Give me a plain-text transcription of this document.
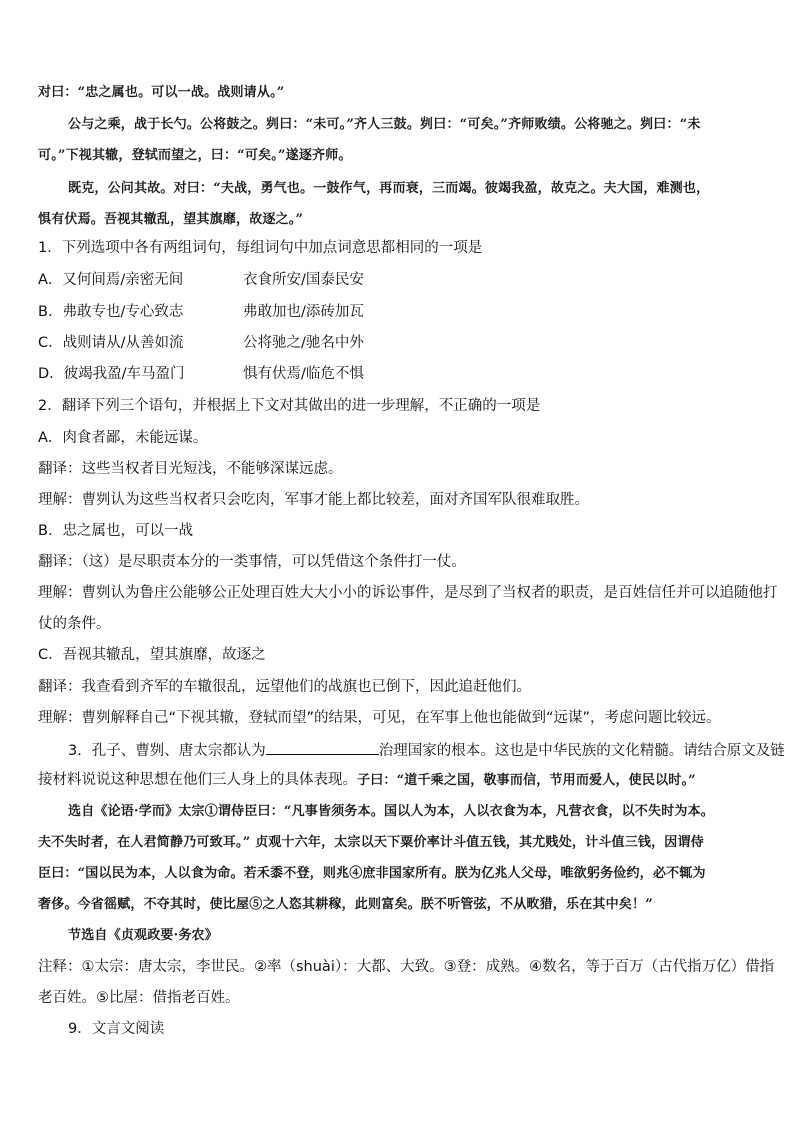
对曰：“忠之属也。可以一战。战则请从。”
公与之乘，战于长勺。公将鼓之。刿曰：“未可。”齐人三鼓。刿曰：“可矣。”齐师败绩。公将驰之。刿曰：“未
可。”下视其辙，登轼而望之，曰：“可矣。”遂逐齐师。
既克，公问其故。对曰：“夫战，勇气也。一鼓作气，再而衰，三而竭。彼竭我盈，故克之。夫大国，难测也，
惧有伏焉。吾视其辙乱，望其旗靡，故逐之。”
1．下列选项中各有两组词句，每组词句中加点词意思都相同的一项是
A．又何间焉/亲密无间	衣食所安/国泰民安
B．弗敢专也/专心致志	弗敢加也/添砖加瓦
C．战则请从/从善如流	公将驰之/驰名中外
D．彼竭我盈/车马盈门	惧有伏焉/临危不惧
2．翻译下列三个语句，并根据上下文对其做出的进一步理解，不正确的一项是
A．肉食者鄙，未能远谋。
翻译：这些当权者目光短浅，不能够深谋远虑。
理解：曹刿认为这些当权者只会吃肉，军事才能上都比较差，面对齐国军队很难取胜。
B．忠之属也，可以一战
翻译：（这）是尽职责本分的一类事情，可以凭借这个条件打一仗。
理解：曹刿认为鲁庄公能够公正处理百姓大大小小的诉讼事件，是尽到了当权者的职责，是百姓信任并可以追随他打
仗的条件。
C．吾视其辙乱，望其旗靡，故逐之
翻译：我查看到齐军的车辙很乱，远望他们的战旗也已倒下，因此追赶他们。
理解：曹刿解释自己“下视其辙，登轼而望”的结果，可见，在军事上他也能做到“远谋”，考虑问题比较远。
3．孔子、曹刿、唐太宗都认为	治理国家的根本。这也是中华民族的文化精髓。请结合原文及链
接材料说说这种思想在他们三人身上的具体表现。子曰：“道千乘之国，敬事而信，节用而爱人，使民以时。”
选自《论语·学而》太宗①谓侍臣曰：“凡事皆须务本。国以人为本，人以衣食为本，凡营衣食，以不失时为本。
夫不失时者，在人君简静乃可致耳。” 贞观十六年，太宗以天下粟价率计斗值五钱，其尤贱处，计斗值三钱，因谓侍
臣曰：“国以民为本，人以食为命。若禾黍不登，则兆④庶非国家所有。朕为亿兆人父母，唯欲躬务俭约，必不辄为
奢侈。今省徭赋，不夺其时，使比屋⑤之人恣其耕稼，此则富矣。朕不听管弦，不从畋猎，乐在其中矣！”
节选自《贞观政要·务农》
注释：①太宗：唐太宗，李世民。②率（shuài）：大都、大致。③登：成熟。④数名，等于百万（古代指万亿）借指
老百姓。⑤比屋：借指老百姓。
9．文言文阅读
